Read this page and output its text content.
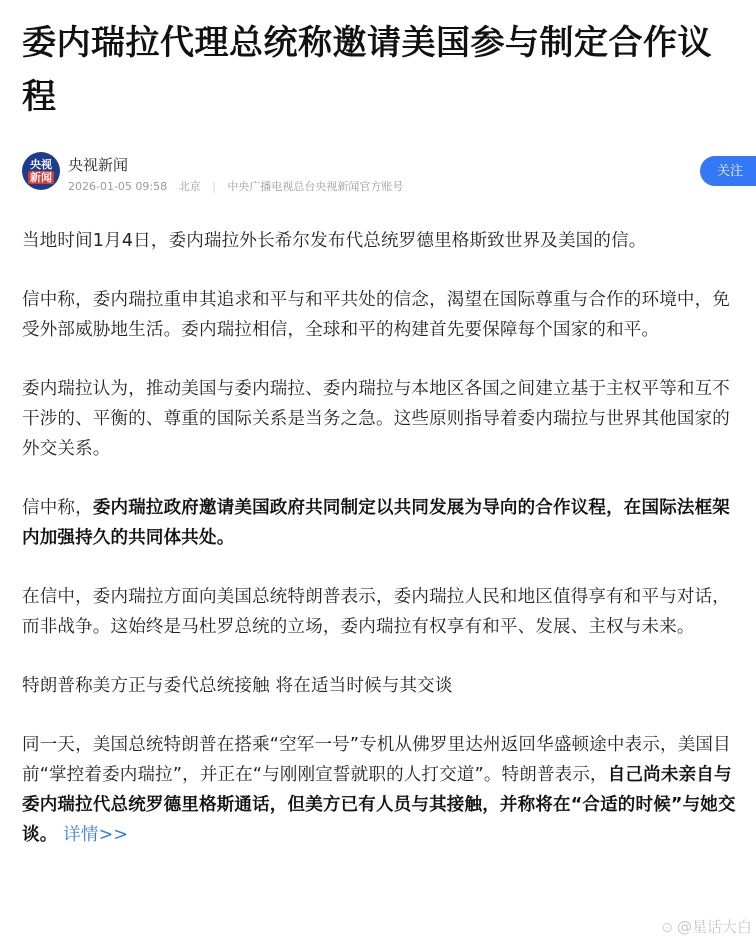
委内瑞拉代理总统称邀请美国参与制定合作议程
央视
新闻
央视新闻
2026-01-05 09:58 北京 | 中央广播电视总台央视新闻官方账号
关注

当地时间1月4日，委内瑞拉外长希尔发布代总统罗德里格斯致世界及美国的信。

信中称，委内瑞拉重申其追求和平与和平共处的信念，渴望在国际尊重与合作的环境中，免受外部威胁地生活。委内瑞拉相信，全球和平的构建首先要保障每个国家的和平。

委内瑞拉认为，推动美国与委内瑞拉、委内瑞拉与本地区各国之间建立基于主权平等和互不干涉的、平衡的、尊重的国际关系是当务之急。这些原则指导着委内瑞拉与世界其他国家的外交关系。

信中称，委内瑞拉政府邀请美国政府共同制定以共同发展为导向的合作议程，在国际法框架内加强持久的共同体共处。

在信中，委内瑞拉方面向美国总统特朗普表示，委内瑞拉人民和地区值得享有和平与对话，而非战争。这始终是马杜罗总统的立场，委内瑞拉有权享有和平、发展、主权与未来。

特朗普称美方正与委代总统接触 将在适当时候与其交谈

同一天，美国总统特朗普在搭乘“空军一号”专机从佛罗里达州返回华盛顿途中表示，美国目前“掌控着委内瑞拉”，并正在“与刚刚宣誓就职的人打交道”。特朗普表示，自己尚未亲自与委内瑞拉代总统罗德里格斯通话，但美方已有人员与其接触，并称将在“合适的时候”与她交谈。 详情>>

⊙ @星话大白
